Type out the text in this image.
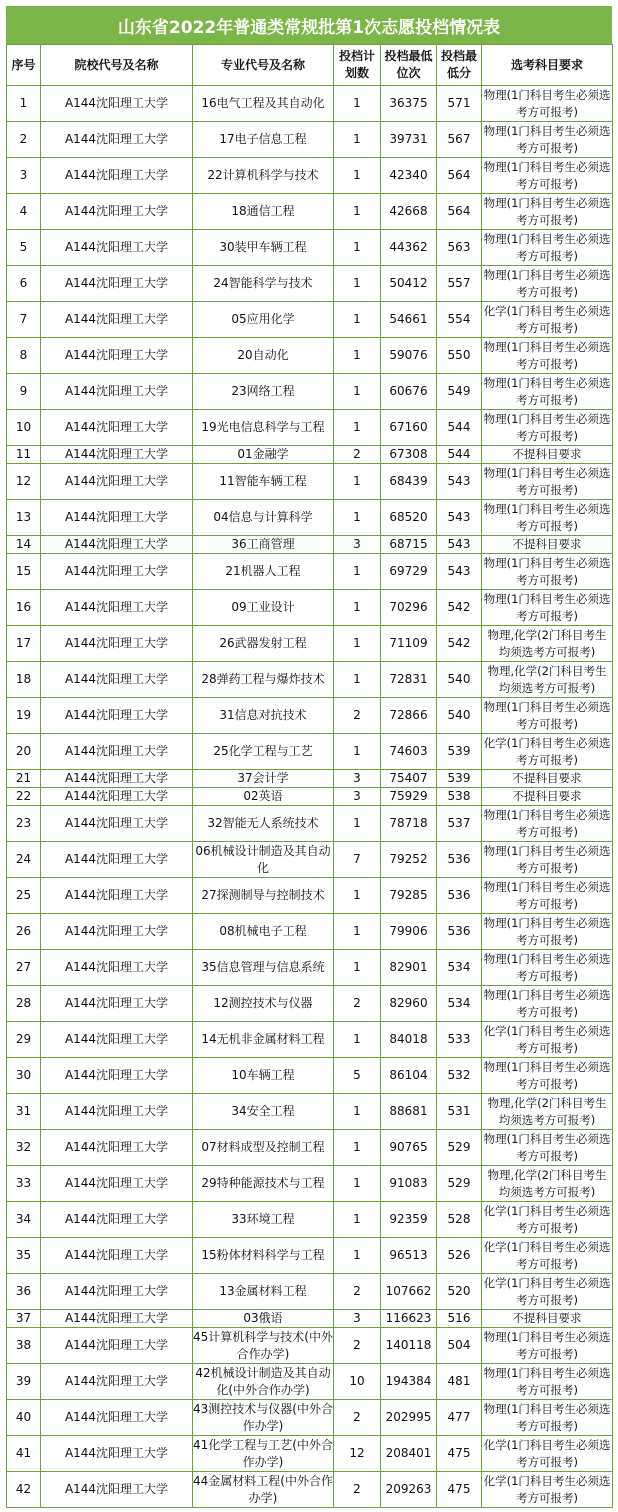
山东省2022年普通类常规批第1次志愿投档情况表
序号	院校代号及名称	专业代号及名称	投档计划数	投档最低位次	投档最低分	选考科目要求
1	A144沈阳理工大学	16电气工程及其自动化	1	36375	571	物理(1门科目考生必须选考方可报考)
2	A144沈阳理工大学	17电子信息工程	1	39731	567	物理(1门科目考生必须选考方可报考)
3	A144沈阳理工大学	22计算机科学与技术	1	42340	564	物理(1门科目考生必须选考方可报考)
4	A144沈阳理工大学	18通信工程	1	42668	564	物理(1门科目考生必须选考方可报考)
5	A144沈阳理工大学	30装甲车辆工程	1	44362	563	物理(1门科目考生必须选考方可报考)
6	A144沈阳理工大学	24智能科学与技术	1	50412	557	物理(1门科目考生必须选考方可报考)
7	A144沈阳理工大学	05应用化学	1	54661	554	化学(1门科目考生必须选考方可报考)
8	A144沈阳理工大学	20自动化	1	59076	550	物理(1门科目考生必须选考方可报考)
9	A144沈阳理工大学	23网络工程	1	60676	549	物理(1门科目考生必须选考方可报考)
10	A144沈阳理工大学	19光电信息科学与工程	1	67160	544	物理(1门科目考生必须选考方可报考)
11	A144沈阳理工大学	01金融学	2	67308	544	不提科目要求
12	A144沈阳理工大学	11智能车辆工程	1	68439	543	物理(1门科目考生必须选考方可报考)
13	A144沈阳理工大学	04信息与计算科学	1	68520	543	物理(1门科目考生必须选考方可报考)
14	A144沈阳理工大学	36工商管理	3	68715	543	不提科目要求
15	A144沈阳理工大学	21机器人工程	1	69729	543	物理(1门科目考生必须选考方可报考)
16	A144沈阳理工大学	09工业设计	1	70296	542	物理(1门科目考生必须选考方可报考)
17	A144沈阳理工大学	26武器发射工程	1	71109	542	物理,化学(2门科目考生均须选考方可报考)
18	A144沈阳理工大学	28弹药工程与爆炸技术	1	72831	540	物理,化学(2门科目考生均须选考方可报考)
19	A144沈阳理工大学	31信息对抗技术	2	72866	540	物理(1门科目考生必须选考方可报考)
20	A144沈阳理工大学	25化学工程与工艺	1	74603	539	化学(1门科目考生必须选考方可报考)
21	A144沈阳理工大学	37会计学	3	75407	539	不提科目要求
22	A144沈阳理工大学	02英语	3	75929	538	不提科目要求
23	A144沈阳理工大学	32智能无人系统技术	1	78718	537	物理(1门科目考生必须选考方可报考)
24	A144沈阳理工大学	06机械设计制造及其自动化	7	79252	536	物理(1门科目考生必须选考方可报考)
25	A144沈阳理工大学	27探测制导与控制技术	1	79285	536	物理(1门科目考生必须选考方可报考)
26	A144沈阳理工大学	08机械电子工程	1	79906	536	物理(1门科目考生必须选考方可报考)
27	A144沈阳理工大学	35信息管理与信息系统	1	82901	534	物理(1门科目考生必须选考方可报考)
28	A144沈阳理工大学	12测控技术与仪器	2	82960	534	物理(1门科目考生必须选考方可报考)
29	A144沈阳理工大学	14无机非金属材料工程	1	84018	533	化学(1门科目考生必须选考方可报考)
30	A144沈阳理工大学	10车辆工程	5	86104	532	物理(1门科目考生必须选考方可报考)
31	A144沈阳理工大学	34安全工程	1	88681	531	物理,化学(2门科目考生均须选考方可报考)
32	A144沈阳理工大学	07材料成型及控制工程	1	90765	529	物理(1门科目考生必须选考方可报考)
33	A144沈阳理工大学	29特种能源技术与工程	1	91083	529	物理,化学(2门科目考生均须选考方可报考)
34	A144沈阳理工大学	33环境工程	1	92359	528	化学(1门科目考生必须选考方可报考)
35	A144沈阳理工大学	15粉体材料科学与工程	1	96513	526	化学(1门科目考生必须选考方可报考)
36	A144沈阳理工大学	13金属材料工程	2	107662	520	化学(1门科目考生必须选考方可报考)
37	A144沈阳理工大学	03俄语	3	116623	516	不提科目要求
38	A144沈阳理工大学	45计算机科学与技术(中外合作办学)	2	140118	504	物理(1门科目考生必须选考方可报考)
39	A144沈阳理工大学	42机械设计制造及其自动化(中外合作办学)	10	194384	481	物理(1门科目考生必须选考方可报考)
40	A144沈阳理工大学	43测控技术与仪器(中外合作办学)	2	202995	477	物理(1门科目考生必须选考方可报考)
41	A144沈阳理工大学	41化学工程与工艺(中外合作办学)	12	208401	475	化学(1门科目考生必须选考方可报考)
42	A144沈阳理工大学	44金属材料工程(中外合作办学)	2	209263	475	化学(1门科目考生必须选考方可报考)
